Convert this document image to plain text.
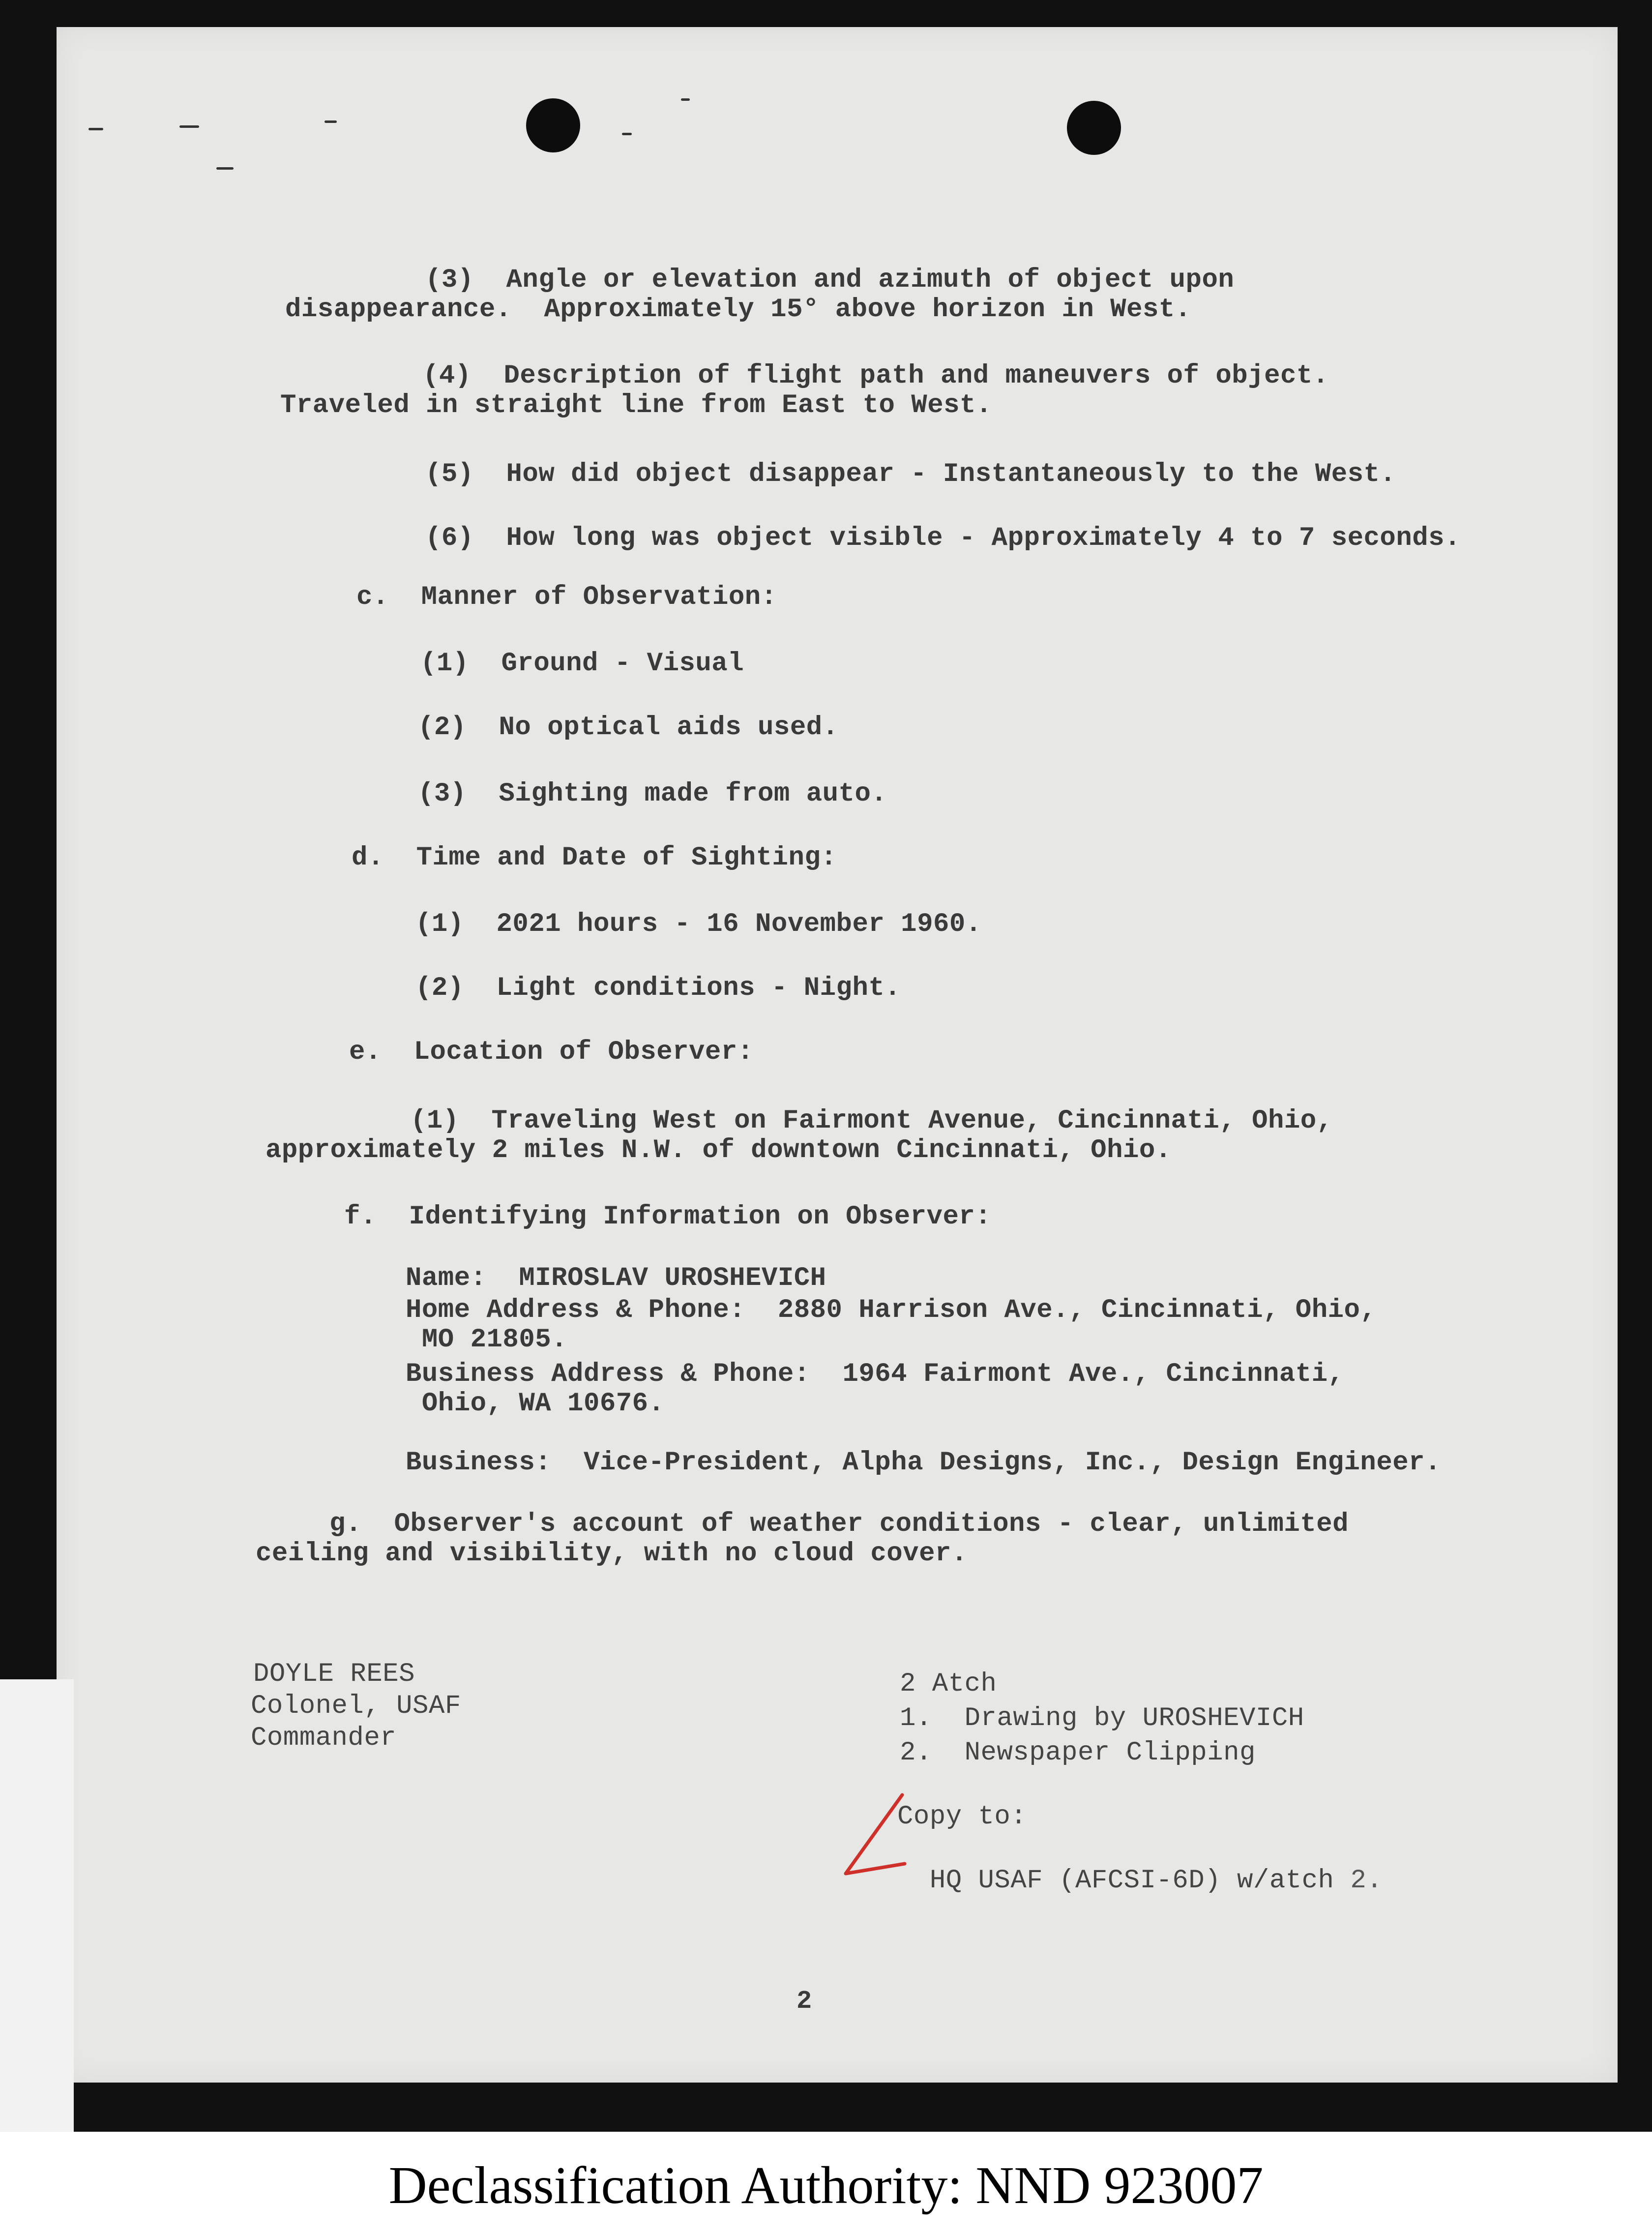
(3)  Angle or elevation and azimuth of object upon
disappearance.  Approximately 15° above horizon in West.
(4)  Description of flight path and maneuvers of object.
Traveled in straight line from East to West.
(5)  How did object disappear - Instantaneously to the West.
(6)  How long was object visible - Approximately 4 to 7 seconds.
c.  Manner of Observation:
(1)  Ground - Visual
(2)  No optical aids used.
(3)  Sighting made from auto.
d.  Time and Date of Sighting:
(1)  2021 hours - 16 November 1960.
(2)  Light conditions - Night.
e.  Location of Observer:
(1)  Traveling West on Fairmont Avenue, Cincinnati, Ohio,
approximately 2 miles N.W. of downtown Cincinnati, Ohio.
f.  Identifying Information on Observer:
Name:  MIROSLAV UROSHEVICH
Home Address & Phone:  2880 Harrison Ave., Cincinnati, Ohio,
MO 21805.
Business Address & Phone:  1964 Fairmont Ave., Cincinnati,
Ohio, WA 10676.
Business:  Vice-President, Alpha Designs, Inc., Design Engineer.
g.  Observer's account of weather conditions - clear, unlimited
ceiling and visibility, with no cloud cover.
DOYLE REES
Colonel, USAF
Commander
2 Atch
1.  Drawing by UROSHEVICH
2.  Newspaper Clipping
Copy to:

HQ USAF (AFCSI-6D) w/atch 2.

2
Declassification Authority: NND 923007
